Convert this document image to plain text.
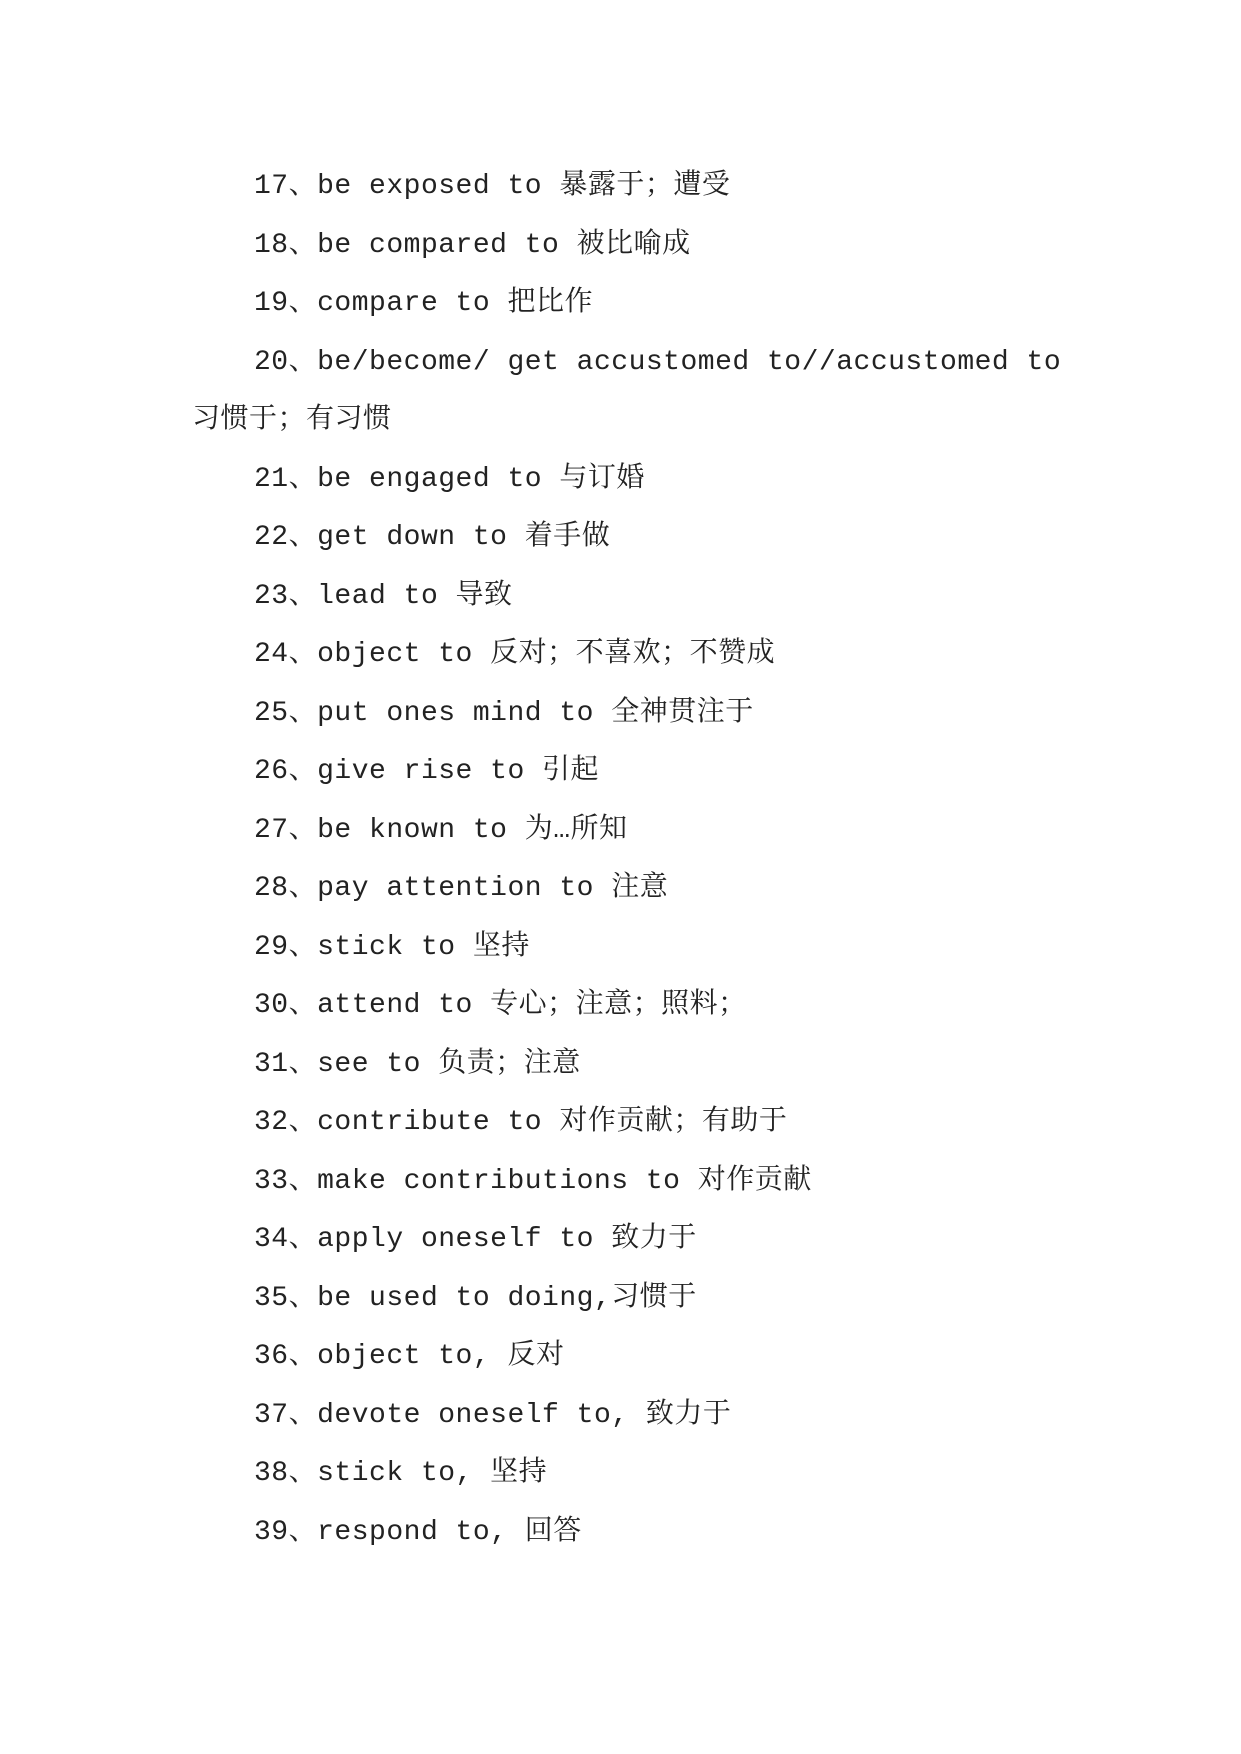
17、be exposed to 暴露于；遭受
18、be compared to 被比喻成
19、compare to 把比作
20、be/become/ get accustomed to//accustomed to
习惯于；有习惯
21、be engaged to 与订婚
22、get down to 着手做
23、lead to 导致
24、object to 反对；不喜欢；不赞成
25、put ones mind to 全神贯注于
26、give rise to 引起
27、be known to 为…所知
28、pay attention to 注意
29、stick to 坚持
30、attend to 专心；注意；照料；
31、see to 负责；注意
32、contribute to 对作贡献；有助于
33、make contributions to 对作贡献
34、apply oneself to 致力于
35、be used to doing,习惯于
36、object to, 反对
37、devote oneself to, 致力于
38、stick to, 坚持
39、respond to, 回答
